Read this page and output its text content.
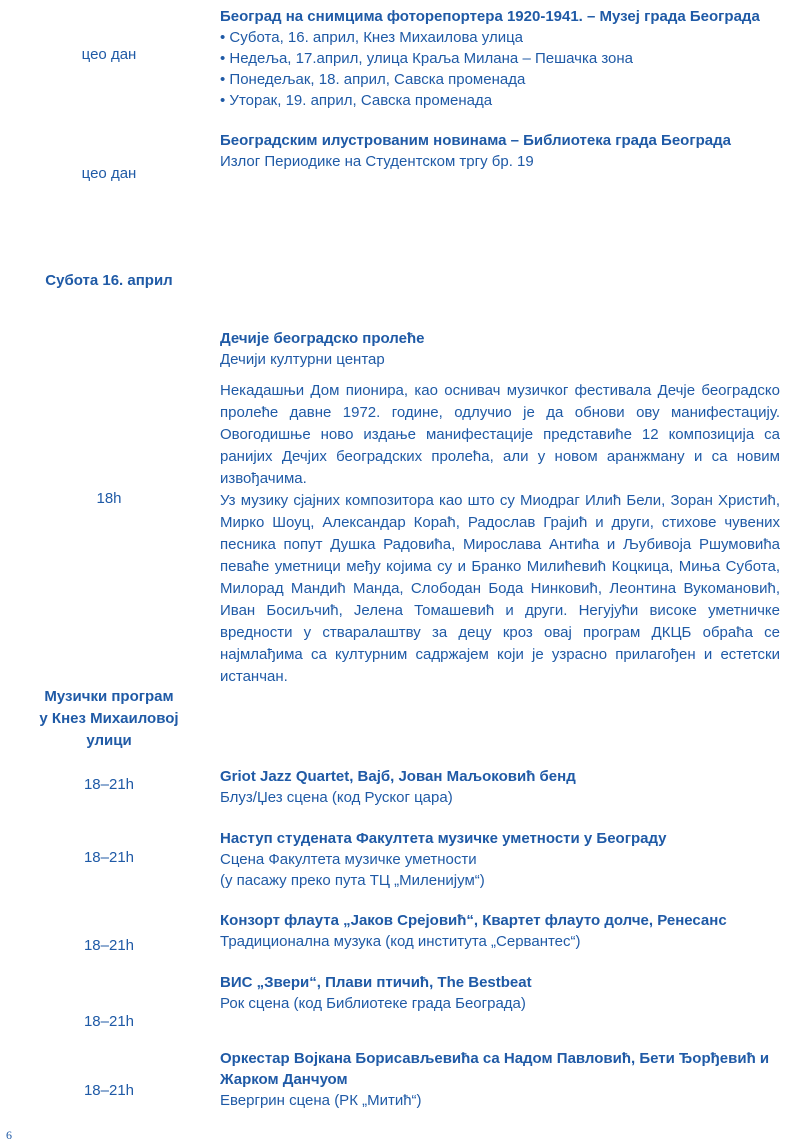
цео дан
Београд на снимцима фоторепортера 1920-1941. – Музеј града Београда
• Субота, 16. април, Кнез Михаилова улица
• Недеља, 17.април, улица Краља Милана – Пешачка зона
• Понедељак, 18. април, Савска променада
• Уторак, 19. април, Савска променада
цео дан
Београдским илустрованим новинама – Библиотека града Београда
Излог Периодике на Студентском тргу бр. 19
Субота 16. април
18h
Дечије београдско пролеће
Дечији културни центар
Некадашњи Дом пионира, као оснивач музичког фестивала Дечје београдско пролеће давне 1972. године, одлучио је да обнови ову манифестацију. Овогодишње ново издање манифестације представиће 12 композиција са ранијих Дечјих београдских пролећа, али у новом аранжману и са новим извођачима.
Уз музику сјајних композитора као што су Миодраг Илић Бели, Зоран Христић, Мирко Шоуц, Александар Кораћ, Радослав Грајић и други, стихове чувених песника попут Душка Радовића, Мирослава Антића и Љубивоја Ршумовића певаће уметници међу којима су и Бранко Милићевић Коцкица, Миња Субота, Милорад Мандић Манда, Слободан Бода Нинковић, Леонтина Вукомановић, Иван Босиљчић, Јелена Томашевић и други. Негујући високе уметничке вредности у стваралаштву за децу кроз овај програм ДКЦБ обраћа се најмлађима са културним садржајем који је узрасно прилагођен и естетски истанчан.
Музички програм
у Кнез Михаиловој
улици
18–21h	Griot Jazz Quartet, Вајб, Јован Маљоковић бенд
Блуз/Џез сцена (код Руског цара)
18–21h
Наступ студената Факултета музичке уметности у Београду
Сцена Факултета музичке уметности
(у пасажу преко пута ТЦ „Миленијум“)
18–21h
Конзорт флаута „Јаков Срејовић“, Квартет флауто долче, Ренесанс
Традиционална музука (код института „Сервантес“)
18–21h
ВИС „Звери“, Плави птичић, The Bestbeat
Рок сцена (код Библиотеке града Београда)
18–21h
Оркестар Војкана Борисављевића са Надом Павловић, Бети Ђорђевић и
Жарком Данчуом
Евергрин сцена (РК „Митић“)
6
